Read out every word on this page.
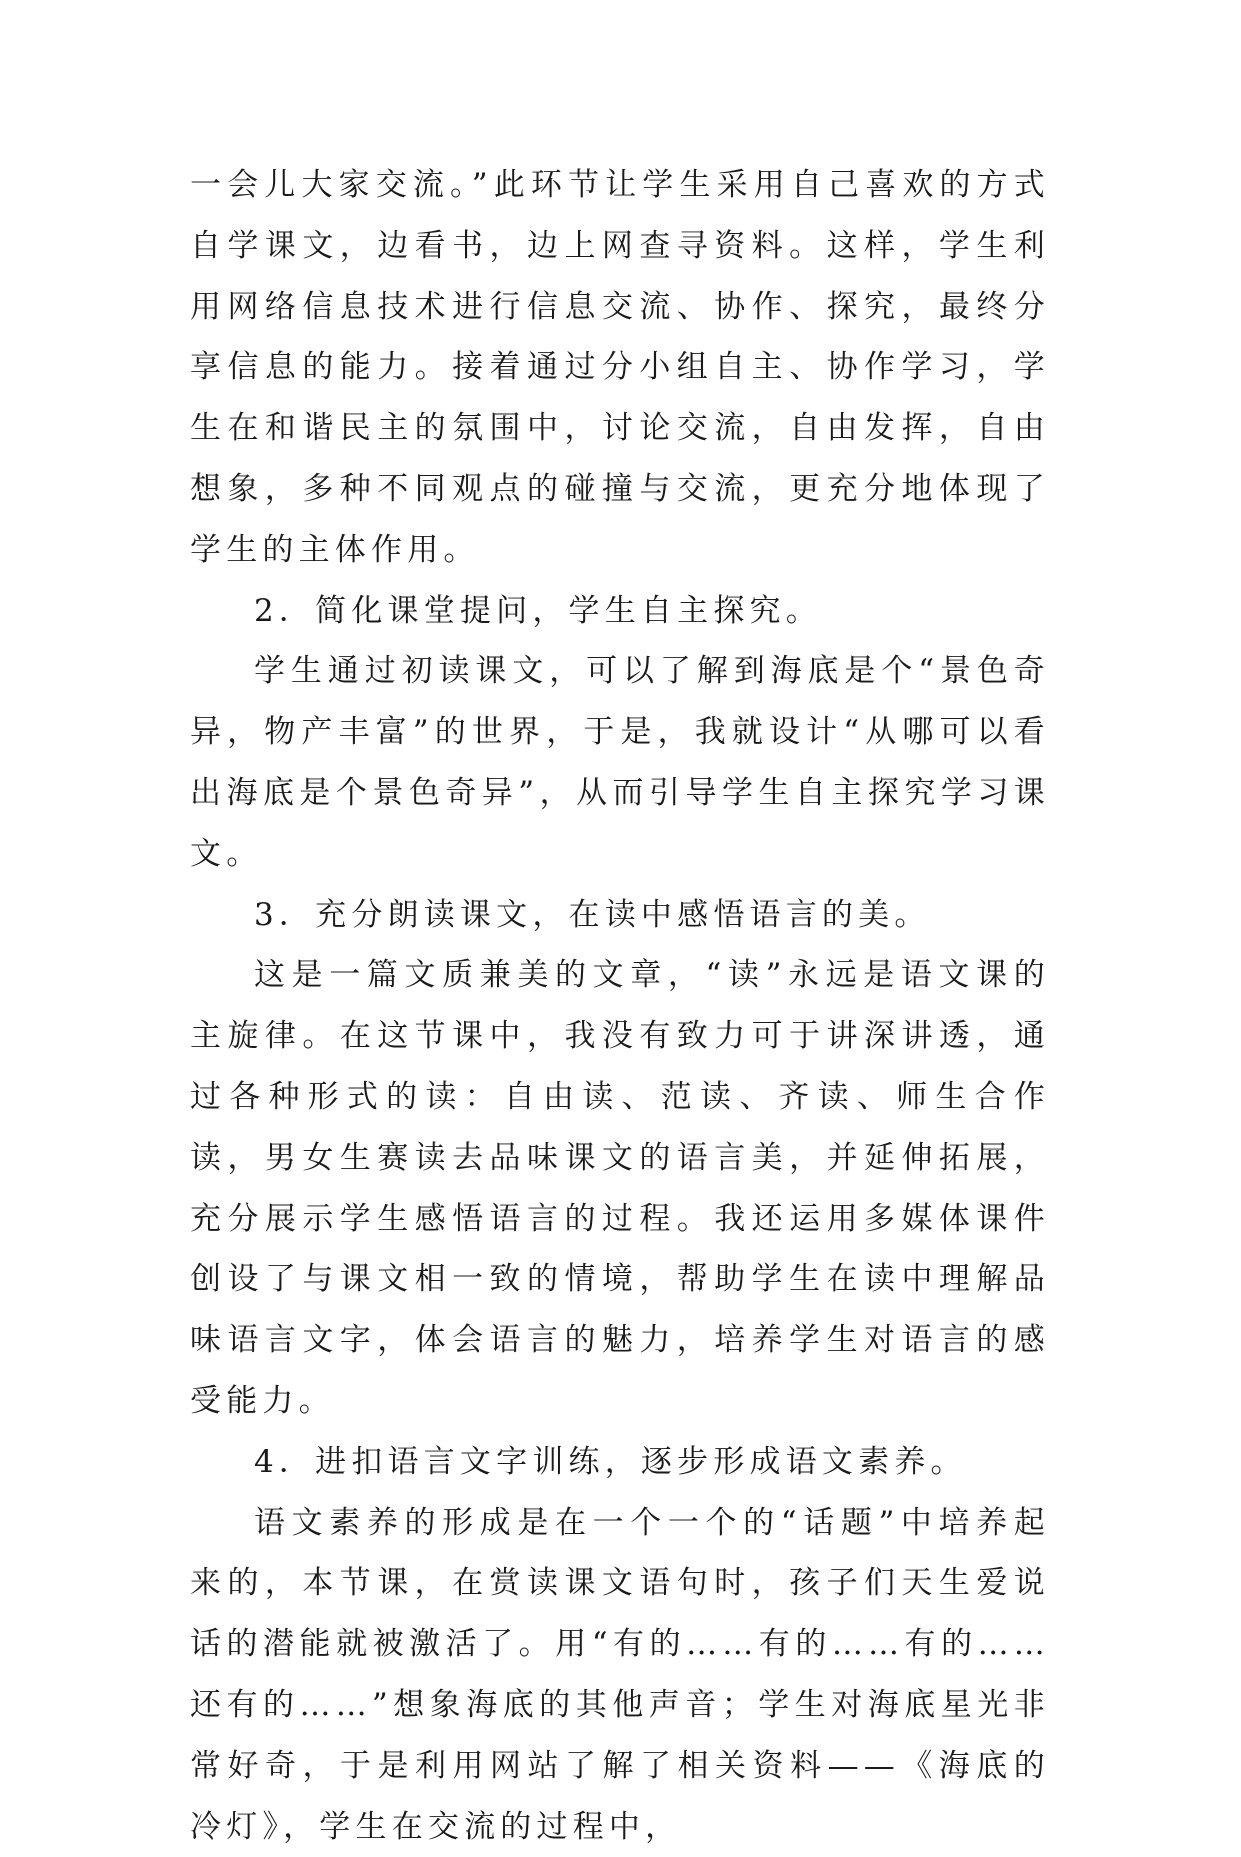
一会儿大家交流。”此环节让学生采用自己喜欢的方式自学课文，边看书，边上网查寻资料。这样，学生利用网络信息技术进行信息交流、协作、探究，最终分享信息的能力。接着通过分小组自主、协作学习，学生在和谐民主的氛围中，讨论交流，自由发挥，自由想象，多种不同观点的碰撞与交流，更充分地体现了学生的主体作用。

2．简化课堂提问，学生自主探究。

学生通过初读课文，可以了解到海底是个“景色奇异，物产丰富”的世界，于是，我就设计“从哪可以看出海底是个景色奇异”，从而引导学生自主探究学习课文。

3．充分朗读课文，在读中感悟语言的美。

这是一篇文质兼美的文章，“读”永远是语文课的主旋律。在这节课中，我没有致力可于讲深讲透，通过各种形式的读：自由读、范读、齐读、师生合作读，男女生赛读去品味课文的语言美，并延伸拓展，充分展示学生感悟语言的过程。我还运用多媒体课件创设了与课文相一致的情境，帮助学生在读中理解品味语言文字，体会语言的魅力，培养学生对语言的感受能力。

4．进扣语言文字训练，逐步形成语文素养。

语文素养的形成是在一个一个的“话题”中培养起来的，本节课，在赏读课文语句时，孩子们天生爱说话的潜能就被激活了。用“有的……有的……有的……还有的……”想象海底的其他声音；学生对海底星光非常好奇，于是利用网站了解了相关资料——《海底的冷灯》，学生在交流的过程中，
